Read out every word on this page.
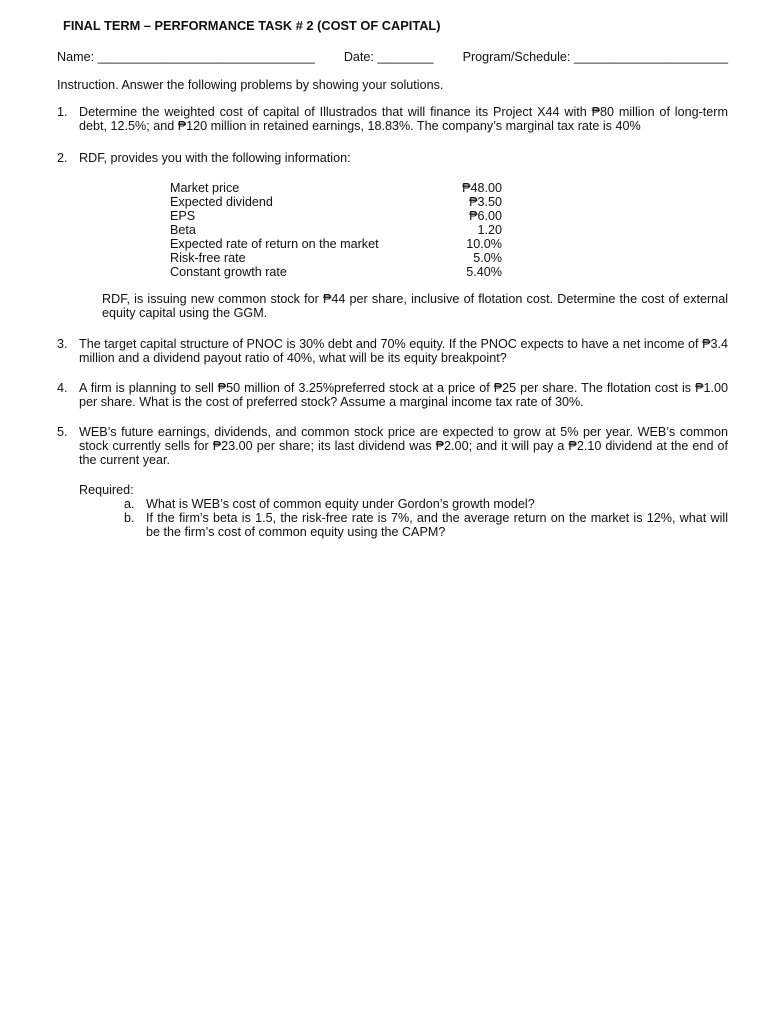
FINAL TERM – PERFORMANCE TASK # 2 (COST OF CAPITAL)
Name: _______________________________ Date: ________ Program/Schedule: ______________________
Instruction. Answer the following problems by showing your solutions.
1. Determine the weighted cost of capital of Illustrados that will finance its Project X44 with ₱80 million of long-term debt, 12.5%; and ₱120 million in retained earnings, 18.83%. The company’s marginal tax rate is 40%
2. RDF, provides you with the following information:
Market price	₱48.00
Expected dividend	₱3.50
EPS	₱6.00
Beta	1.20
Expected rate of return on the market	10.0%
Risk-free rate	5.0%
Constant growth rate	5.40%
RDF, is issuing new common stock for ₱44 per share, inclusive of flotation cost. Determine the cost of external equity capital using the GGM.
3. The target capital structure of PNOC is 30% debt and 70% equity. If the PNOC expects to have a net income of ₱3.4 million and a dividend payout ratio of 40%, what will be its equity breakpoint?
4. A firm is planning to sell ₱50 million of 3.25%preferred stock at a price of ₱25 per share. The flotation cost is ₱1.00 per share. What is the cost of preferred stock? Assume a marginal income tax rate of 30%.
5. WEB’s future earnings, dividends, and common stock price are expected to grow at 5% per year. WEB’s common stock currently sells for ₱23.00 per share; its last dividend was ₱2.00; and it will pay a ₱2.10 dividend at the end of the current year.
Required:
a. What is WEB’s cost of common equity under Gordon’s growth model?
b. If the firm’s beta is 1.5, the risk-free rate is 7%, and the average return on the market is 12%, what will be the firm’s cost of common equity using the CAPM?
